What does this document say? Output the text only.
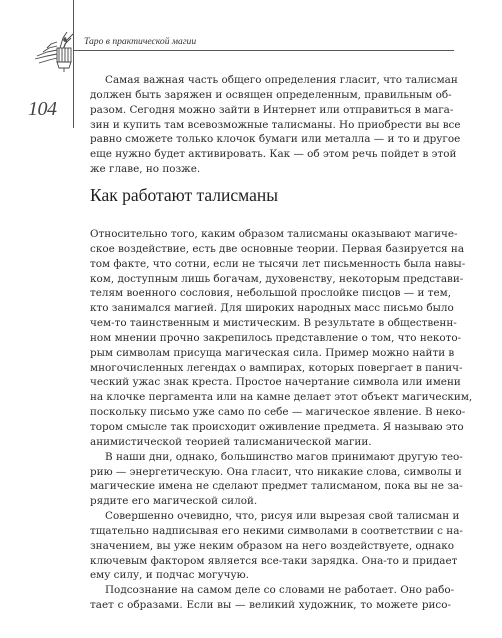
Таро в практической магии
104

Самая важная часть общего определения гласит, что талисман
должен быть заряжен и освящен определенным, правильным об-
разом. Сегодня можно зайти в Интернет или отправиться в мага-
зин и купить там всевозможные талисманы. Но приобрести вы все
равно сможете только клочок бумаги или металла — и то и другое
еще нужно будет активировать. Как — об этом речь пойдет в этой
же главе, но позже.

Как работают талисманы

Относительно того, каким образом талисманы оказывают магиче-
ское воздействие, есть две основные теории. Первая базируется на
том факте, что сотни, если не тысячи лет письменность была навы-
ком, доступным лишь богачам, духовенству, некоторым представи-
телям военного сословия, небольшой прослойке писцов — и тем,
кто занимался магией. Для широких народных масс письмо было
чем-то таинственным и мистическим. В результате в общественн-
ном мнении прочно закрепилось представление о том, что некото-
рым символам присуща магическая сила. Пример можно найти в
многочисленных легендах о вампирах, которых повергает в панич-
ческий ужас знак креста. Простое начертание символа или имени
на клочке пергамента или на камне делает этот объект магическим,
поскольку письмо уже само по себе — магическое явление. В неко-
тором смысле так происходит оживление предмета. Я называю это
анимистической теорией талисманической магии.

В наши дни, однако, большинство магов принимают другую тео-
рию — энергетическую. Она гласит, что никакие слова, символы и
магические имена не сделают предмет талисманом, пока вы не за-
рядите его магической силой.

Совершенно очевидно, что, рисуя или вырезая свой талисман и
тщательно надписывая его некими символами в соответствии с на-
значением, вы уже неким образом на него воздействуете, однако
ключевым фактором является все-таки зарядка. Она-то и придает
ему силу, и подчас могучую.

Подсознание на самом деле со словами не работает. Оно рабо-
тает с образами. Если вы — великий художник, то можете рисо-
